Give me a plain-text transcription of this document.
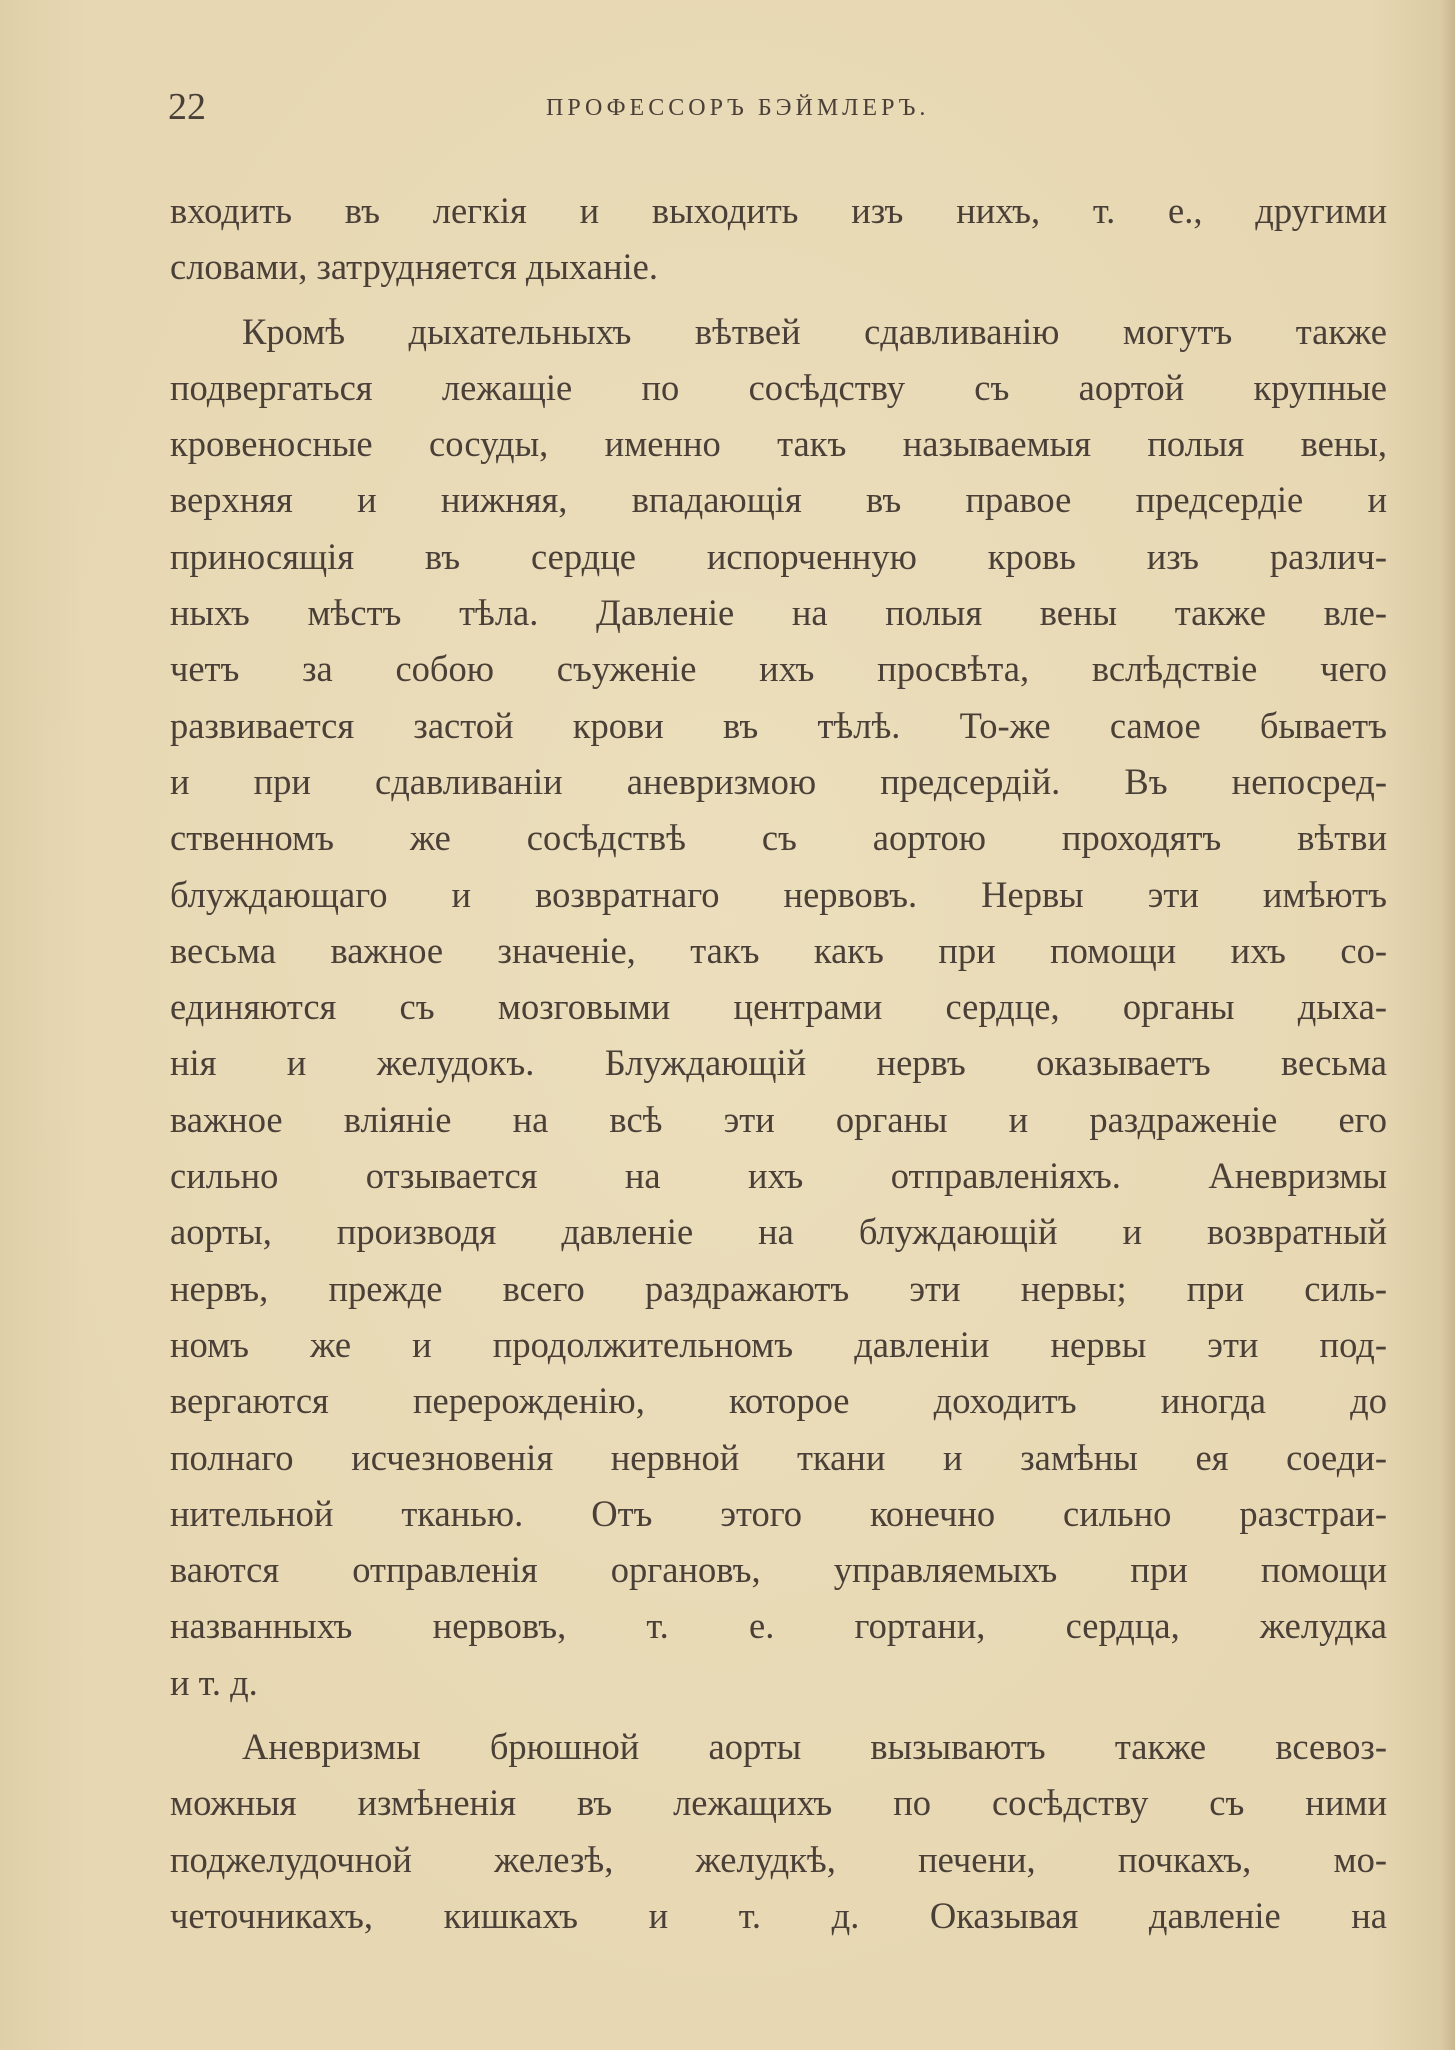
22	ПРОФЕССОРЪ БЭЙМЛЕРЪ.

входить въ легкія и выходить изъ нихъ, т. е., другими
словами, затрудняется дыханіе.

Кромѣ дыхательныхъ вѣтвей сдавливанію могутъ также
подвергаться лежащіе по сосѣдству съ аортой крупные
кровеносные сосуды, именно такъ называемыя полыя вены,
верхняя и нижняя, впадающія въ правое предсердіе и
приносящія въ сердце испорченную кровь изъ различ-
ныхъ мѣстъ тѣла. Давленіе на полыя вены также вле-
четъ за собою съуженіе ихъ просвѣта, вслѣдствіе чего
развивается застой крови въ тѣлѣ. То-же самое бываетъ
и при сдавливаніи аневризмою предсердій. Въ непосред-
ственномъ же сосѣдствѣ съ аортою проходятъ вѣтви
блуждающаго и возвратнаго нервовъ. Нервы эти имѣютъ
весьма важное значеніе, такъ какъ при помощи ихъ со-
единяются съ мозговыми центрами сердце, органы дыха-
нія и желудокъ. Блуждающій нервъ оказываетъ весьма
важное вліяніе на всѣ эти органы и раздраженіе его
сильно отзывается на ихъ отправленіяхъ. Аневризмы
аорты, производя давленіе на блуждающій и возвратный
нервъ, прежде всего раздражаютъ эти нервы; при силь-
номъ же и продолжительномъ давленіи нервы эти под-
вергаются перерожденію, которое доходитъ иногда до
полнаго исчезновенія нервной ткани и замѣны ея соеди-
нительной тканью. Отъ этого конечно сильно разстраи-
ваются отправленія органовъ, управляемыхъ при помощи
названныхъ нервовъ, т. е. гортани, сердца, желудка
и т. д.

Аневризмы брюшной аорты вызываютъ также всевоз-
можныя измѣненія въ лежащихъ по сосѣдству съ ними
поджелудочной железѣ, желудкѣ, печени, почкахъ, мо-
четочникахъ, кишкахъ и т. д. Оказывая давленіе на
